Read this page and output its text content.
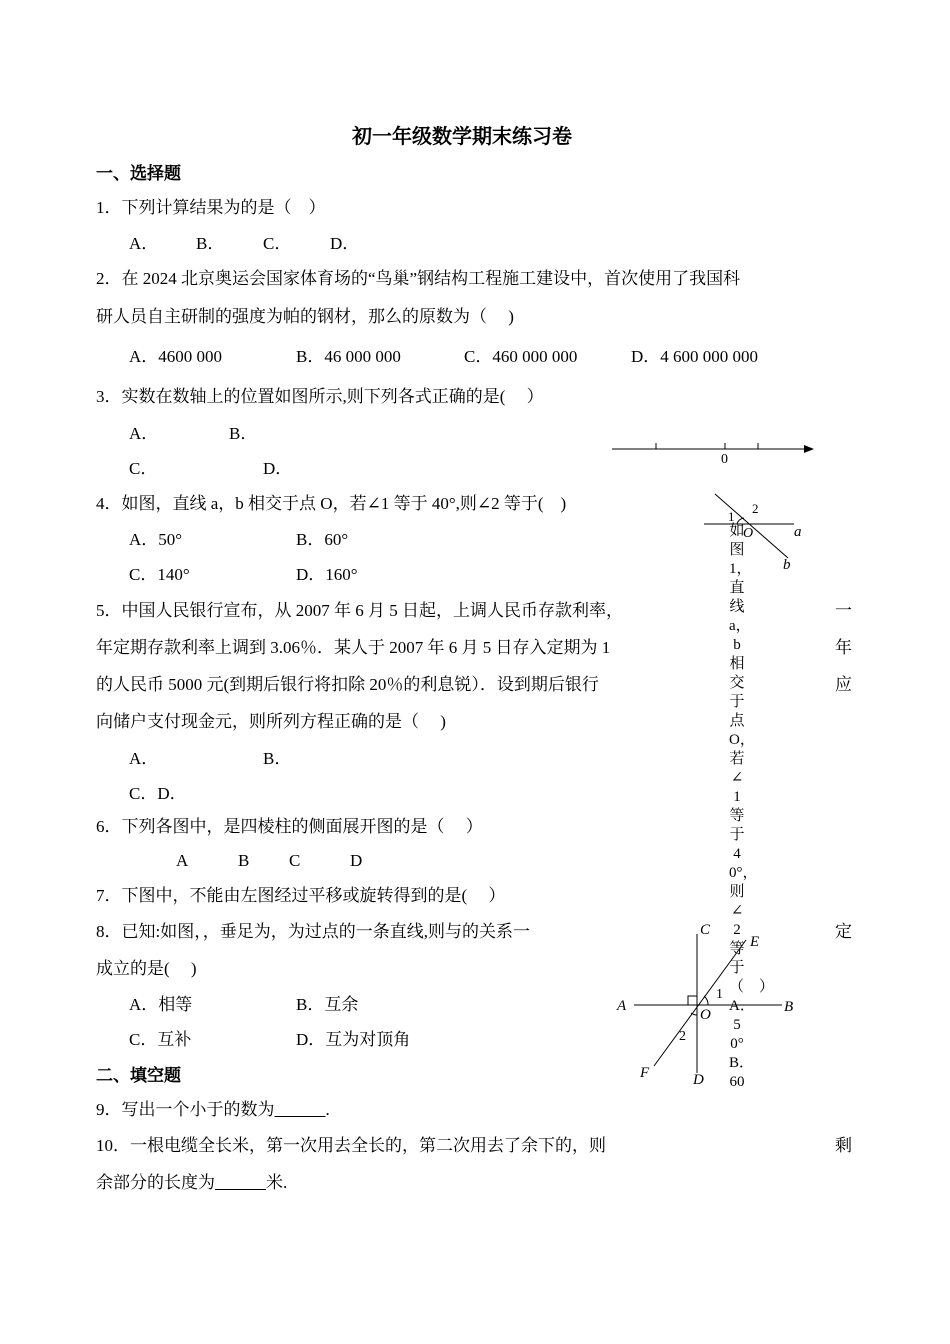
初一年级数学期末练习卷
一、选择题
1．下列计算结果为的是（　）
A． B． C． D．
2．在 2024 北京奥运会国家体育场的“鸟巢”钢结构工程施工建设中，首次使用了我国科
研人员自主研制的强度为帕的钢材，那么的原数为（　 )
A．4600 000	B．46 000 000	C．460 000 000	D．4 600 000 000
3．实数在数轴上的位置如图所示,则下列各式正确的是(　 ）
A．	B．
C．	D．	0
4．如图，直线 a，b 相交于点 O，若∠1 等于 40°,则∠2 等于(　)
A．50°	B．60°
C．140°	D．160°
1
2
O	a
b
如图1，直线a，b相交于点O，若∠1等于40°，则∠2等于（　）A．50°　B．60
5．中国人民银行宣布，从 2007 年 6 月 5 日起，上调人民币存款利率，	一
年定期存款利率上调到 3.06％．某人于 2007 年 6 月 5 日存入定期为 1	年
的人民币 5000 元(到期后银行将扣除 20％的利息锐）．设到期后银行	应
向储户支付现金元，则所列方程正确的是（　 )
A．	B．
C．D．
6．下列各图中，是四棱柱的侧面展开图的是（　 ）
A	B C	D
7．下图中，不能由左图经过平移或旋转得到的是(　 ）
8．已知:如图，，垂足为，为过点的一条直线,则与的关系一	定
成立的是(　 )
A．相等	B．互余
C．互补	D．互为对顶角
C
E
A	B
O
1
2
F	D
二、填空题
9．写出一个小于的数为　　　	.
10．一根电缆全长米，第一次用去全长的，第二次用去了余下的，则	剩
余部分的长度为　　　	米.
